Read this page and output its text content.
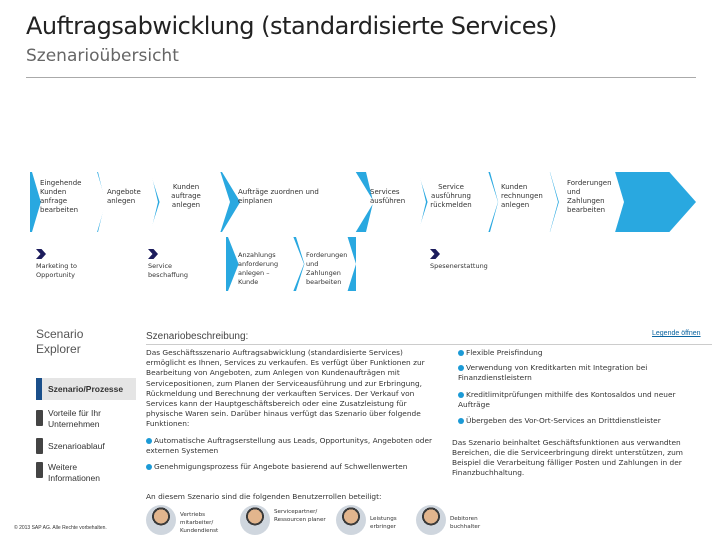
Auftragsabwicklung (standardisierte Services)
Szenarioübersicht
Eingehende Kunden anfrage bearbeiten
Angebote anlegen
Kunden auftrage anlegen
Aufträge zuordnen und einplanen
Services ausführen
Service ausführung rückmelden
Kunden rechnungen anlegen
Forderungen und Zahlungen bearbeiten
Marketing to Opportunity
Service beschaffung
Anzahlungs anforderung anlegen – Kunde
Forderungen und Zahlungen bearbeiten
Spesenerstattung
Scenario Explorer
Szenario/Prozesse
Vorteile für Ihr Unternehmen
Szenarioablauf
Weitere Informationen
Szenariobeschreibung:	Legende öffnen
Das Geschäftsszenario Auftragsabwicklung (standardisierte Services) ermöglicht es Ihnen, Services zu verkaufen. Es verfügt über Funktionen zur Bearbeitung von Angeboten, zum Anlegen von Kundenaufträgen mit Servicepositionen, zum Planen der Serviceausführung und zur Erbringung, Rückmeldung und Berechnung der verkauften Services. Der Verkauf von Services kann der Hauptgeschäftsbereich oder eine Zusatzleistung für physische Waren sein. Darüber hinaus verfügt das Szenario über folgende Funktionen:
Automatische Auftragserstellung aus Leads, Opportunitys, Angeboten oder externen Systemen
Genehmigungsprozess für Angebote basierend auf Schwellenwerten
Flexible Preisfindung
Verwendung von Kreditkarten mit Integration bei Finanzdienstleistern
Kreditlimitprüfungen mithilfe des Kontosaldos und neuer Aufträge
Übergeben des Vor-Ort-Services an Drittdienstleister
Das Szenario beinhaltet Geschäftsfunktionen aus verwandten Bereichen, die die Serviceerbringung direkt unterstützen, zum Beispiel die Verarbeitung fälliger Posten und Zahlungen in der Finanzbuchhaltung.
An diesem Szenario sind die folgenden Benutzerrollen beteiligt:
Vertriebs mitarbeiter/ Kundendienst
Servicepartner/ Ressourcen planer	Leistungs erbringer
Debitoren buchhalter
© 2013 SAP AG. Alle Rechte vorbehalten.
